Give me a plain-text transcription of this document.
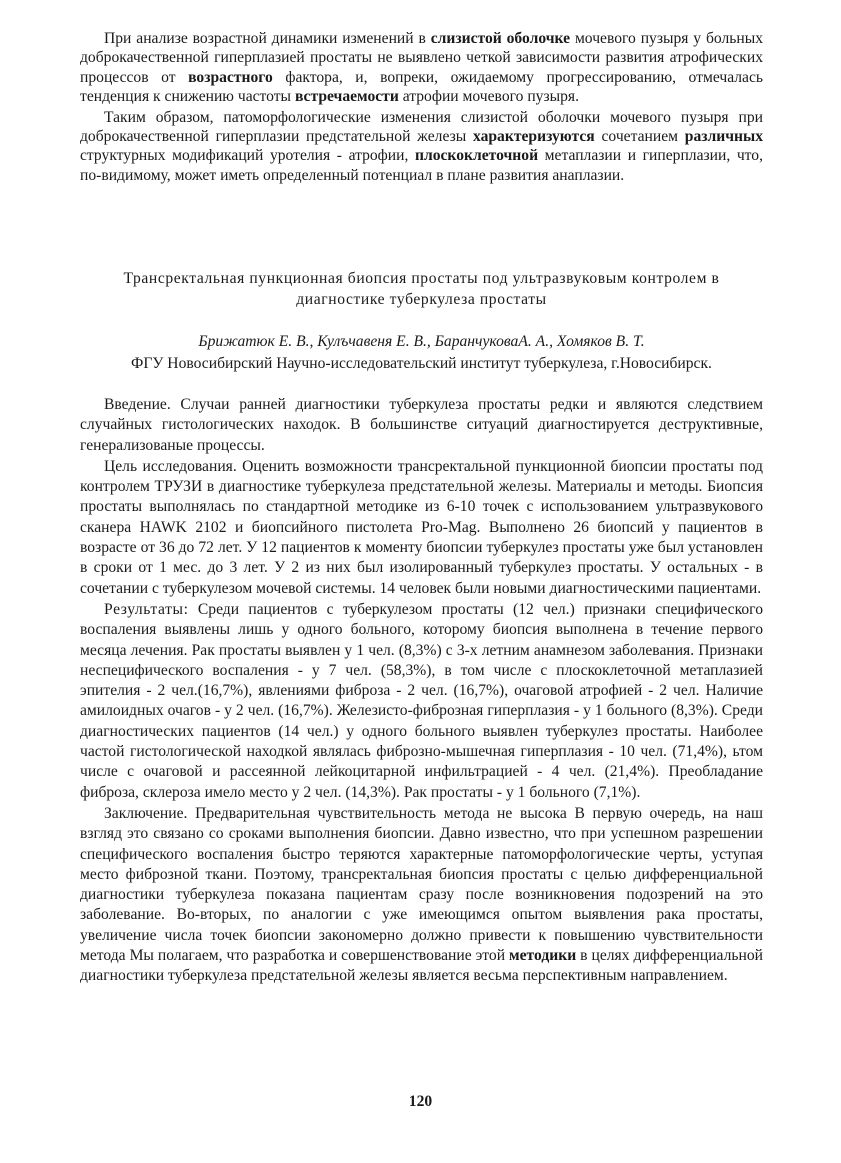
При анализе возрастной динамики изменений в слизистой оболочке мочевого пузыря у больных доброкачественной гиперплазией простаты не выявлено четкой зависимости развития атрофических процессов от возрастного фактора, и, вопреки, ожидаемому прогрессированию, отмечалась тенденция к снижению частоты встречаемости атрофии мочевого пузыря.

Таким образом, патоморфологические изменения слизистой оболочки мочевого пузыря при доброкачественной гиперплазии предстательной железы характеризуются сочетанием различных структурных модификаций уротелия - атрофии, плоскоклеточной метаплазии и гиперплазии, что, по-видимому, может иметь определенный потенциал в плане развития анаплазии.

Трансректальная пункционная биопсия простаты под ультразвуковым контролем в диагностике туберкулеза простаты
Брижатюк Е. В., Кулъчавеня Е. В., БаранчуковаА. А., Хомяков В. Т.
ФГУ Новосибирский Научно-исследовательский институт туберкулеза, г.Новосибирск.

Введение. Случаи ранней диагностики туберкулеза простаты редки и являются следствием случайных гистологических находок. В большинстве ситуаций диагностируется деструктивные, генерализованые процессы.

Цель исследования. Оценить возможности трансректальной пункционной биопсии простаты под контролем ТРУЗИ в диагностике туберкулеза предстательной железы. Материалы и методы. Биопсия простаты выполнялась по стандартной методике из 6-10 точек с использованием ультразвукового сканера HAWK 2102 и биопсийного пистолета Pro-Mag. Выполнено 26 биопсий у пациентов в возрасте от 36 до 72 лет. У 12 пациентов к моменту биопсии туберкулез простаты уже был установлен в сроки от 1 мес. до 3 лет. У 2 из них был изолированный туберкулез простаты. У остальных - в сочетании с туберкулезом мочевой системы. 14 человек были новыми диагностическими пациентами.

Результаты: Среди пациентов с туберкулезом простаты (12 чел.) признаки специфического воспаления выявлены лишь у одного больного, которому биопсия выполнена в течение первого месяца лечения. Рак простаты выявлен у 1 чел. (8,3%) с 3-х летним анамнезом заболевания. Признаки неспецифического воспаления - у 7 чел. (58,3%), в том числе с плоскоклеточной метаплазией эпителия - 2 чел.(16,7%), явлениями фиброза - 2 чел. (16,7%), очаговой атрофией - 2 чел. Наличие амилоидных очагов - у 2 чел. (16,7%). Железисто-фиброзная гиперплазия - у 1 больного (8,3%). Среди диагностических пациентов (14 чел.) у одного больного выявлен туберкулез простаты. Наиболее частой гистологической находкой являлась фиброзно-мышечная гиперплазия - 10 чел. (71,4%), ьтом числе с очаговой и рассеянной лейкоцитарной инфильтрацией - 4 чел. (21,4%). Преобладание фиброза, склероза имело место у 2 чел. (14,3%). Рак простаты - у 1 больного (7,1%).

Заключение. Предварительная чувствительность метода не высока В первую очередь, на наш взгляд это связано со сроками выполнения биопсии. Давно известно, что при успешном разрешении специфического воспаления быстро теряются характерные патоморфологические черты, уступая место фиброзной ткани. Поэтому, трансректальная биопсия простаты с целью дифференциальной диагностики туберкулеза показана пациентам сразу после возникновения подозрений на это заболевание. Во-вторых, по аналогии с уже имеющимся опытом выявления рака простаты, увеличение числа точек биопсии закономерно должно привести к повышению чувствительности метода Мы полагаем, что разработка и совершенствование этой методики в целях дифференциальной диагностики туберкулеза предстательной железы является весьма перспективным направлением.

120
